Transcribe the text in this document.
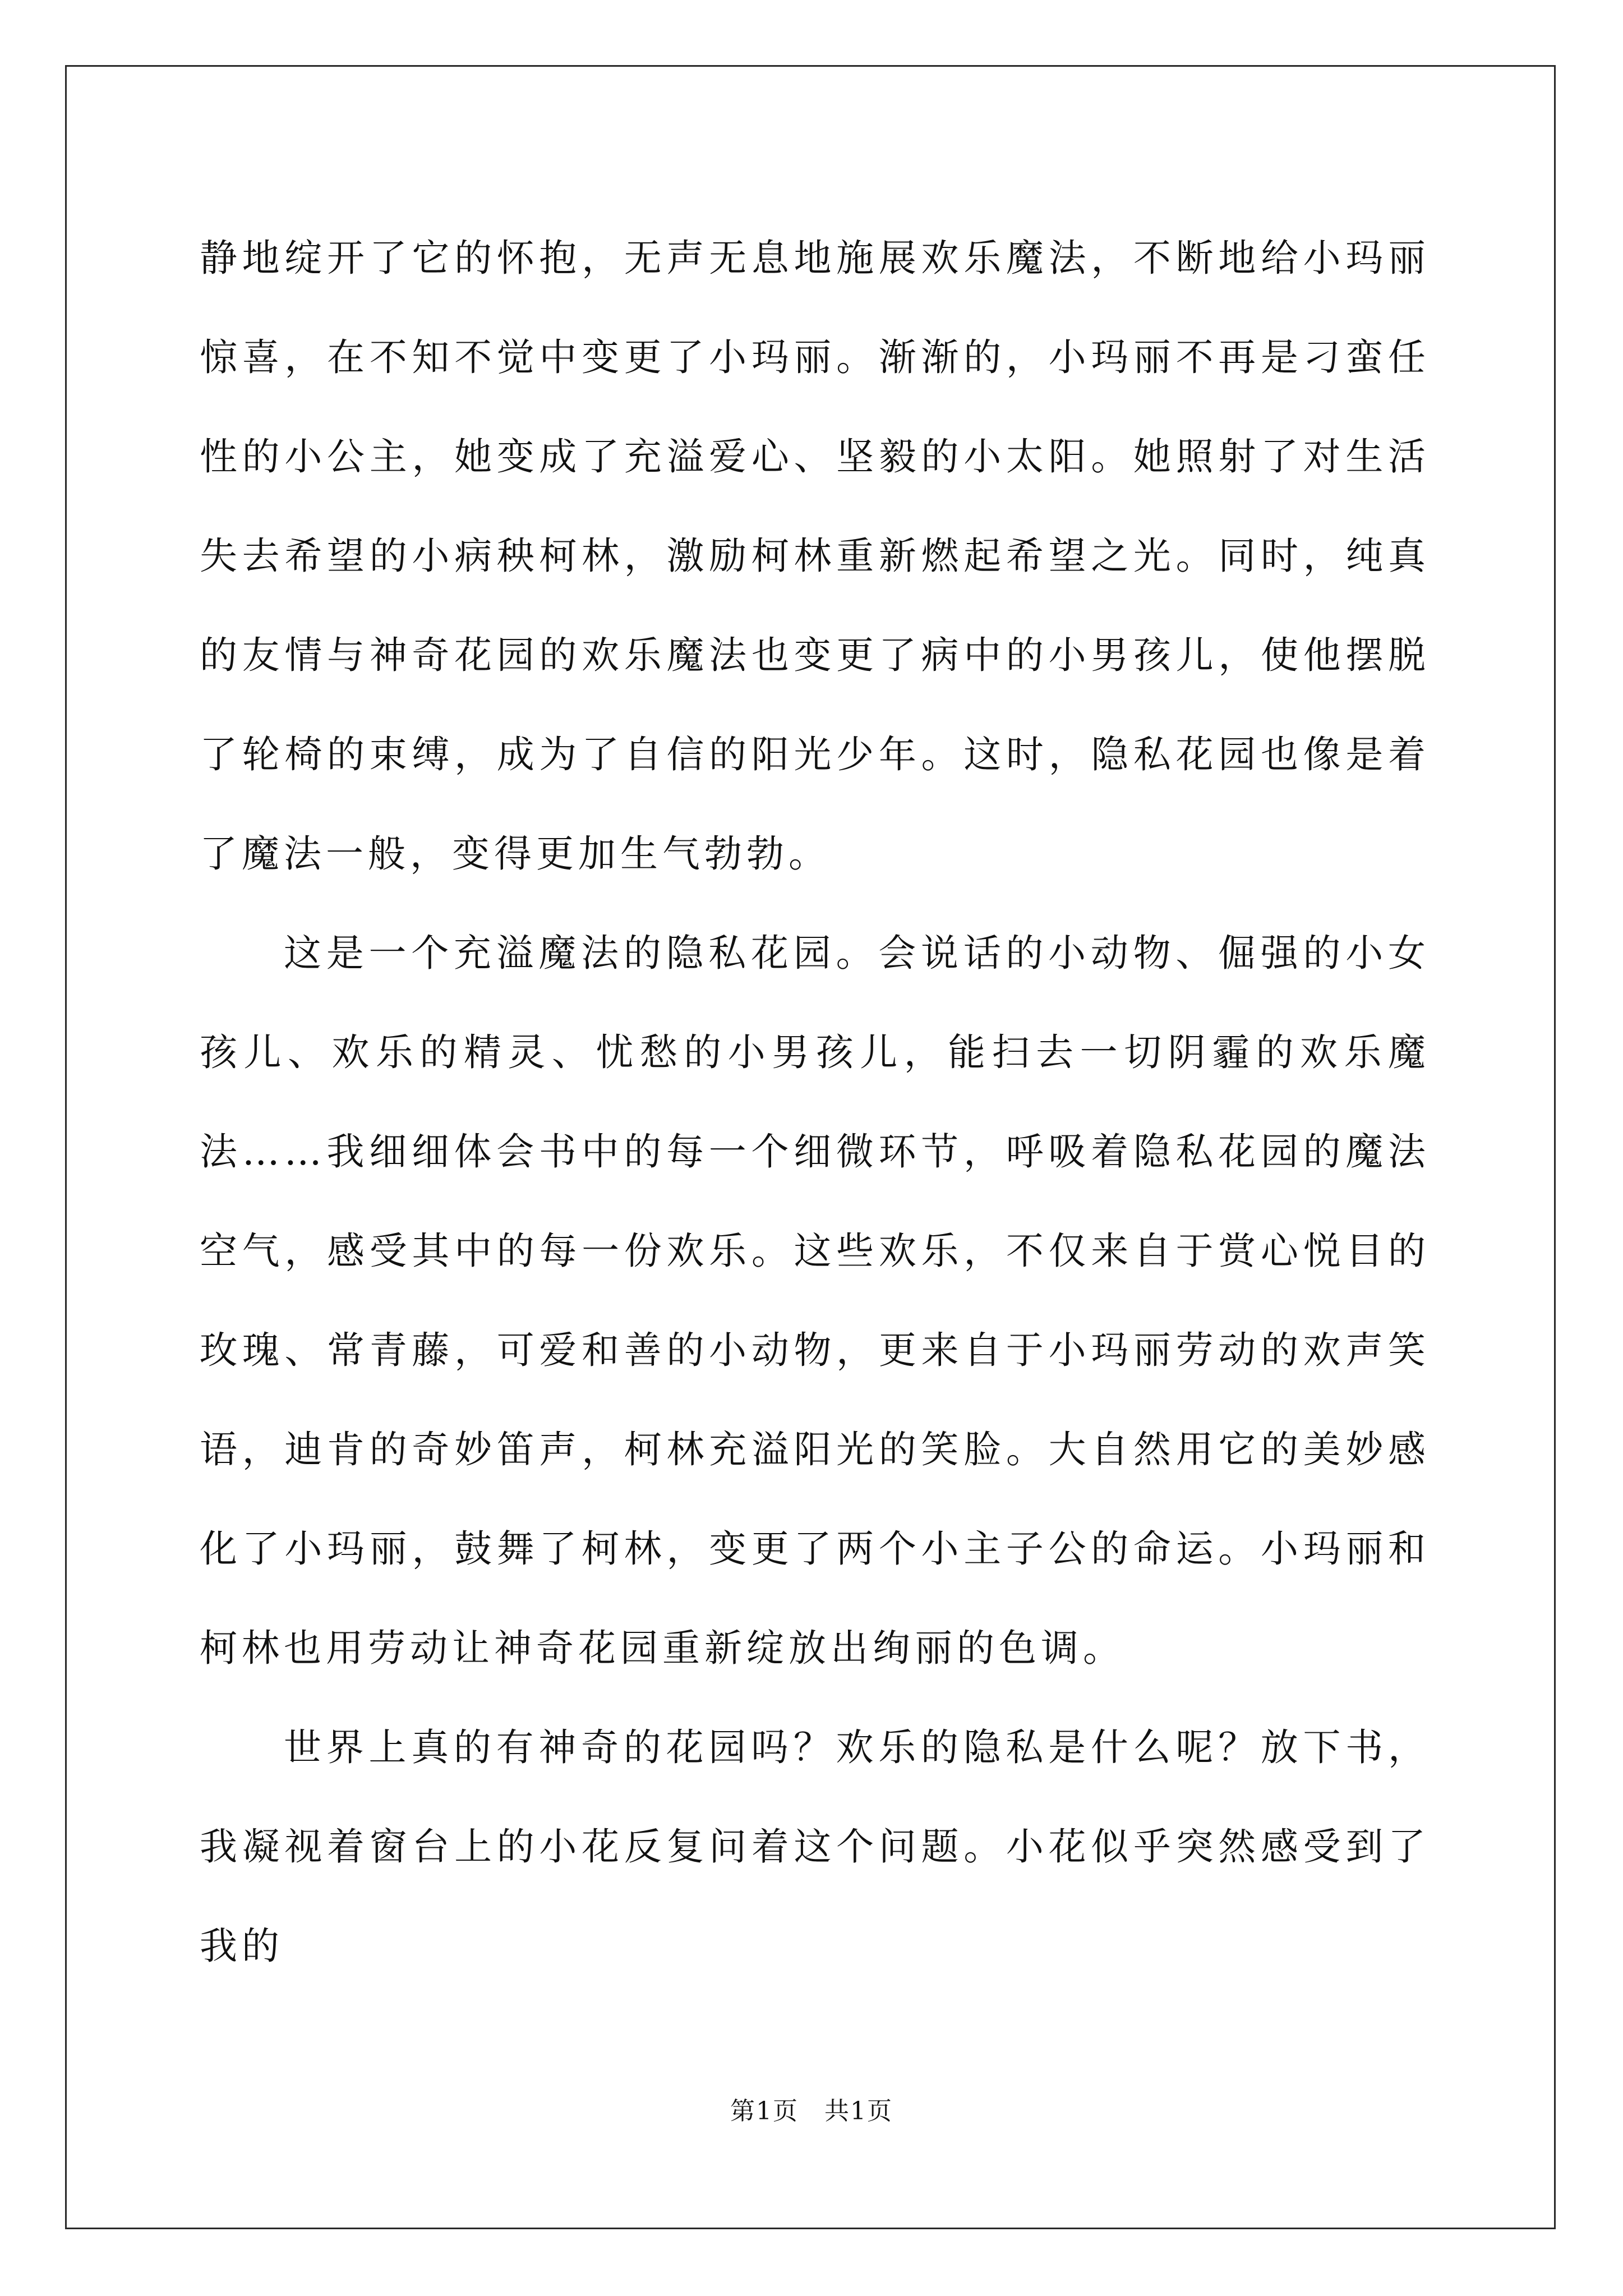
静地绽开了它的怀抱，无声无息地施展欢乐魔法，不断地给小玛丽惊喜，在不知不觉中变更了小玛丽。渐渐的，小玛丽不再是刁蛮任性的小公主，她变成了充溢爱心、坚毅的小太阳。她照射了对生活失去希望的小病秧柯林，激励柯林重新燃起希望之光。同时，纯真的友情与神奇花园的欢乐魔法也变更了病中的小男孩儿，使他摆脱了轮椅的束缚，成为了自信的阳光少年。这时，隐私花园也像是着了魔法一般，变得更加生气勃勃。

这是一个充溢魔法的隐私花园。会说话的小动物、倔强的小女孩儿、欢乐的精灵、忧愁的小男孩儿，能扫去一切阴霾的欢乐魔法……我细细体会书中的每一个细微环节，呼吸着隐私花园的魔法空气，感受其中的每一份欢乐。这些欢乐，不仅来自于赏心悦目的玫瑰、常青藤，可爱和善的小动物，更来自于小玛丽劳动的欢声笑语，迪肯的奇妙笛声，柯林充溢阳光的笑脸。大自然用它的美妙感化了小玛丽，鼓舞了柯林，变更了两个小主子公的命运。小玛丽和柯林也用劳动让神奇花园重新绽放出绚丽的色调。

世界上真的有神奇的花园吗？欢乐的隐私是什么呢？放下书，我凝视着窗台上的小花反复问着这个问题。小花似乎突然感受到了我的

第1页　共1页
